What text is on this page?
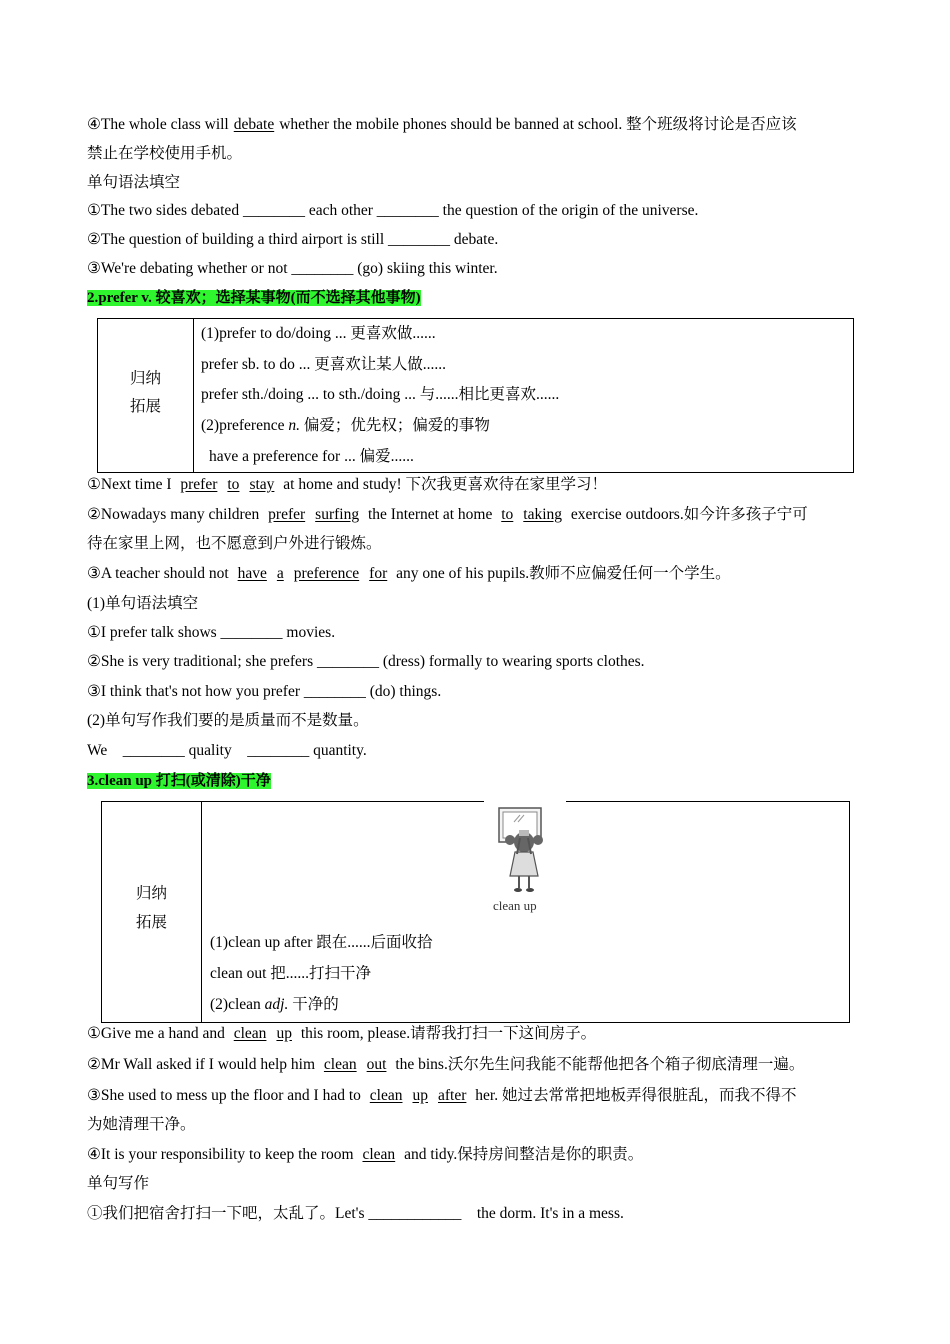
④The whole class will debate whether the mobile phones should be banned at school. 整个班级将讨论是否应该
禁止在学校使用手机。
单句语法填空
①The two sides debated ________ each other ________ the question of the origin of the universe.
②The question of building a third airport is still ________ debate.
③We're debating whether or not ________ (go) skiing this winter.
2.prefer v. 较喜欢；选择某事物(而不选择其他事物)
归纳
拓展
(1)prefer to do/doing ... 更喜欢做......
prefer sb. to do ... 更喜欢让某人做......
prefer sth./doing ... to sth./doing ... 与......相比更喜欢......
(2)preference n. 偏爱；优先权；偏爱的事物
have a preference for ... 偏爱......
①Next time I prefer to stay at home and study! 下次我更喜欢待在家里学习！
②Nowadays many children prefer surfing the Internet at home to taking exercise outdoors.如今许多孩子宁可
待在家里上网，也不愿意到户外进行锻炼。
③A teacher should not have a preference for any one of his pupils.教师不应偏爱任何一个学生。
(1)单句语法填空
①I prefer talk shows ________ movies.
②She is very traditional; she prefers ________ (dress) formally to wearing sports clothes.
③I think that's not how you prefer ________ (do) things.
(2)单句写作我们要的是质量而不是数量。
We    ________ quality    ________ quantity.
3.clean up 打扫(或清除)干净
归纳
拓展
(1)clean up after 跟在......后面收拾
clean out 把......打扫干净
(2)clean adj. 干净的
clean up
①Give me a hand and clean up this room, please.请帮我打扫一下这间房子。
②Mr Wall asked if I would help him clean out the bins.沃尔先生问我能不能帮他把各个箱子彻底清理一遍。
③She used to mess up the floor and I had to clean up after her. 她过去常常把地板弄得很脏乱，而我不得不
为她清理干净。
④It is your responsibility to keep the room clean and tidy.保持房间整洁是你的职责。
单句写作
①我们把宿舍打扫一下吧，太乱了。Let's ____________    the dorm. It's in a mess.
